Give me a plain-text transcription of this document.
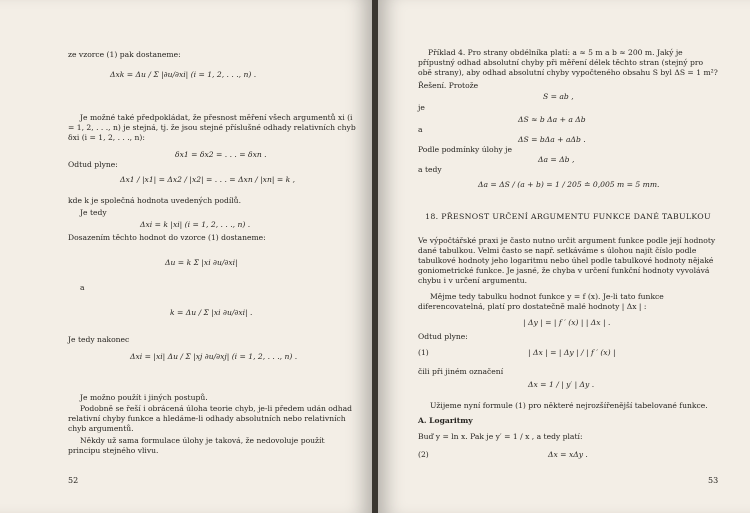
ze vzorce (1) pak dostaneme:
Δxk = Δu / Σ |∂u/∂xi| (i = 1, 2, . . ., n) .
Je možné také předpokládat, že přesnost měření všech argumentů xi (i = 1, 2, . . ., n) je stejná, tj. že jsou stejné příslušné odhady relativních chyb δxi (i = 1, 2, . . ., n):
δx1 = δx2 = . . . = δxn .
Odtud plyne:
Δx1 / |x1| = Δx2 / |x2| = . . . = Δxn / |xn| = k ,
kde k je společná hodnota uvedených podílů.
Je tedy
Δxi = k |xi| (i = 1, 2, . . ., n) .
Dosazením těchto hodnot do vzorce (1) dostaneme:
Δu = k Σ |xi ∂u/∂xi|
a
k = Δu / Σ |xi ∂u/∂xi| .
Je tedy nakonec
Δxi = |xi| Δu / Σ |xj ∂u/∂xj| (i = 1, 2, . . ., n) .
Je možno použít i jiných postupů.
Podobně se řeší i obrácená úloha teorie chyb, je-li předem udán odhad relativní chyby funkce a hledáme-li odhady absolutních nebo relativních chyb argumentů.
Někdy už sama formulace úlohy je taková, že nedovoluje použít principu stejného vlivu.
52
Příklad 4. Pro strany obdélníka platí: a ≈ 5 m a b ≈ 200 m. Jaký je přípustný odhad absolutní chyby při měření délek těchto stran (stejný pro obě strany), aby odhad absolutní chyby vypočteného obsahu S byl ΔS = 1 m²?
Řešení. Protože
S = ab ,
je
ΔS ≈ b Δa + a Δb
a
ΔS = bΔa + aΔb .
Podle podmínky úlohy je
Δa = Δb ,
a tedy
Δa = ΔS / (a + b) = 1 / 205 ≐ 0,005 m = 5 mm.
18. PŘESNOST URČENÍ ARGUMENTU FUNKCE DANÉ TABULKOU
Ve výpočtářské praxi je často nutno určit argument funkce podle její hodnoty dané tabulkou. Velmi často se např. setkáváme s úlohou najít číslo podle tabulkové hodnoty jeho logaritmu nebo úhel podle tabulkové hodnoty nějaké goniometrické funkce. Je jasné, že chyba v určení funkční hodnoty vyvolává chybu i v určení argumentu.
Mějme tedy tabulku hodnot funkce y = f (x). Je-li tato funkce diferencovatelná, platí pro dostatečně malé hodnoty | Δx | :
| Δy | = | f ′ (x) | | Δx | .
Odtud plyne:
(1)	| Δx | = | Δy | / | f ′ (x) |
čili při jiném označení
Δx = 1 / | y′ | Δy .
Užijeme nyní formule (1) pro některé nejrozšířenější tabelované funkce.
A. Logaritmy
Buď y = ln x. Pak je y′ = 1 / x , a tedy platí:
(2)	Δx = xΔy .
53
